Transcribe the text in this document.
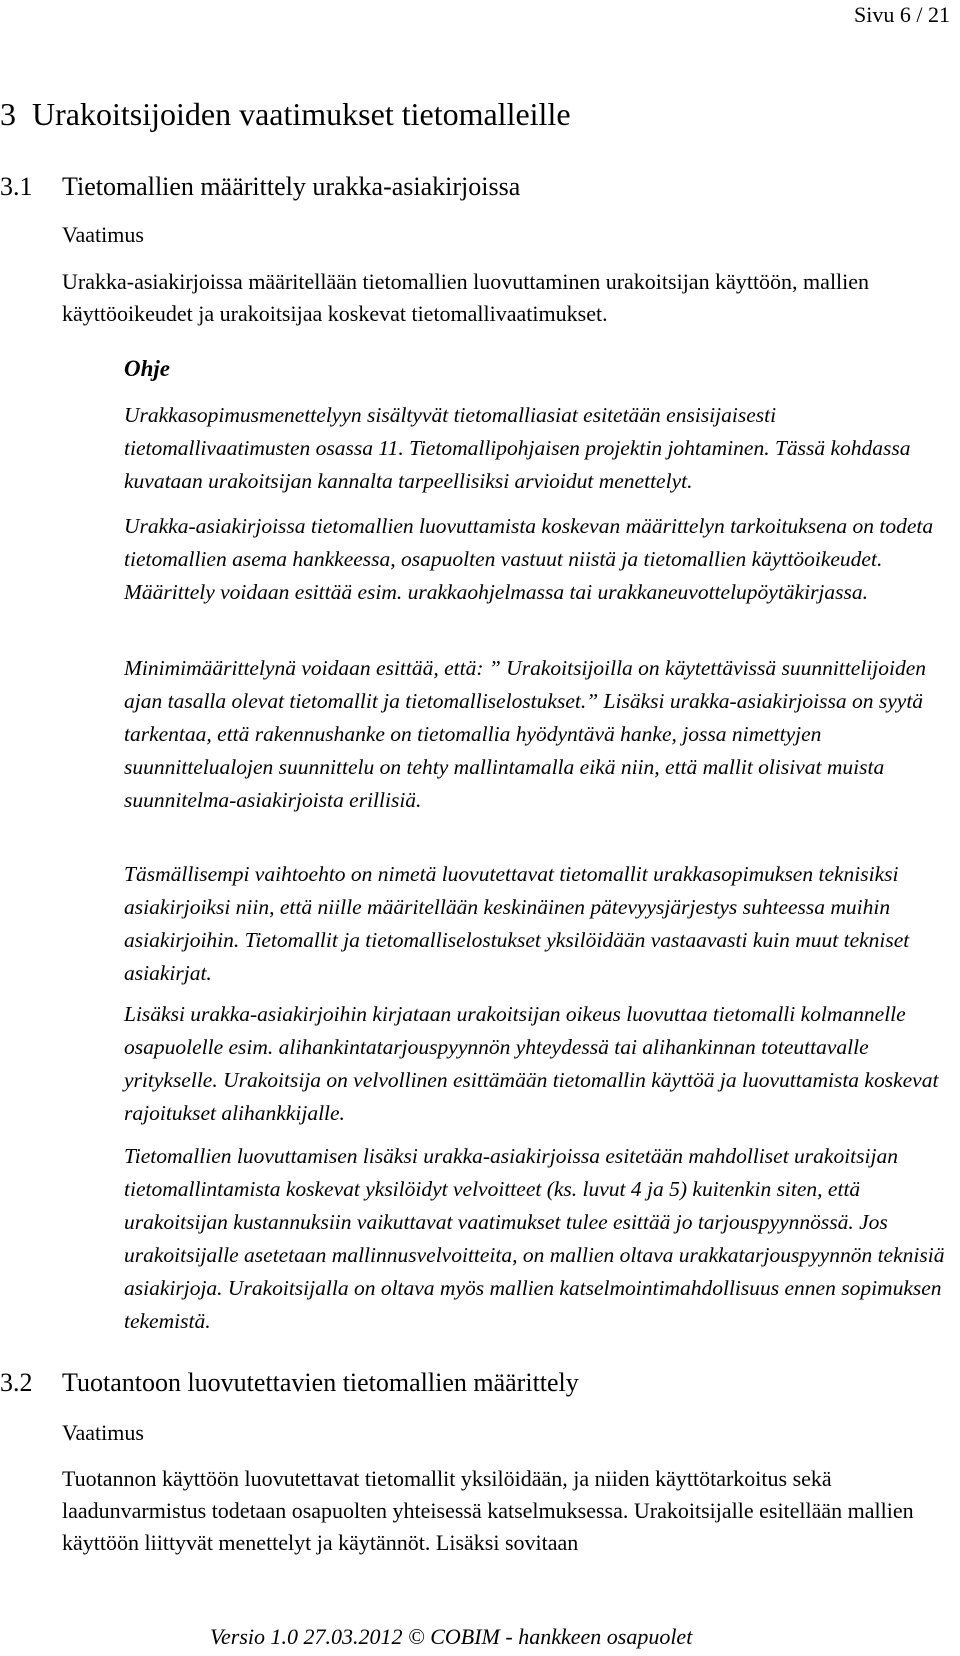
Sivu 6 / 21
3 Urakoitsijoiden vaatimukset tietomalleille
3.1 Tietomallien määrittely urakka-asiakirjoissa
Vaatimus

Urakka-asiakirjoissa määritellään tietomallien luovuttaminen urakoitsijan käyttöön, mallien käyttöoikeudet ja urakoitsijaa koskevat tietomallivaatimukset.

Ohje

Urakkasopimusmenettelyyn sisältyvät tietomalliasiat esitetään ensisijaisesti tietomallivaatimusten osassa 11. Tietomallipohjaisen projektin johtaminen. Tässä kohdassa kuvataan urakoitsijan kannalta tarpeellisiksi arvioidut menettelyt.

Urakka-asiakirjoissa tietomallien luovuttamista koskevan määrittelyn tarkoituksena on todeta tietomallien asema hankkeessa, osapuolten vastuut niistä ja tietomallien käyttöoikeudet. Määrittely voidaan esittää esim. urakkaohjelmassa tai urakkaneuvottelupöytäkirjassa.

Minimimäärittelynä voidaan esittää, että: ” Urakoitsijoilla on käytettävissä suunnittelijoiden ajan tasalla olevat tietomallit ja tietomalliselostukset.” Lisäksi urakka-asiakirjoissa on syytä tarkentaa, että rakennushanke on tietomallia hyödyntävä hanke, jossa nimettyjen suunnittelualojen suunnittelu on tehty mallintamalla eikä niin, että mallit olisivat muista suunnitelma-asiakirjoista erillisiä.

Täsmällisempi vaihtoehto on nimetä luovutettavat tietomallit urakkasopimuksen teknisiksi asiakirjoiksi niin, että niille määritellään keskinäinen pätevyysjärjestys suhteessa muihin asiakirjoihin. Tietomallit ja tietomalliselostukset yksilöidään vastaavasti kuin muut tekniset asiakirjat.

Lisäksi urakka-asiakirjoihin kirjataan urakoitsijan oikeus luovuttaa tietomalli kolmannelle osapuolelle esim. alihankintatarjouspyynnön yhteydessä tai alihankinnan toteuttavalle yritykselle. Urakoitsija on velvollinen esittämään tietomallin käyttöä ja luovuttamista koskevat rajoitukset alihankkijalle.

Tietomallien luovuttamisen lisäksi urakka-asiakirjoissa esitetään mahdolliset urakoitsijan tietomallintamista koskevat yksilöidyt velvoitteet (ks. luvut 4 ja 5) kuitenkin siten, että urakoitsijan kustannuksiin vaikuttavat vaatimukset tulee esittää jo tarjouspyynnössä. Jos urakoitsijalle asetetaan mallinnusvelvoitteita, on mallien oltava urakkatarjouspyynnön teknisiä asiakirjoja. Urakoitsijalla on oltava myös mallien katselmointimahdollisuus ennen sopimuksen tekemistä.

3.2 Tuotantoon luovutettavien tietomallien määrittely
Vaatimus

Tuotannon käyttöön luovutettavat tietomallit yksilöidään, ja niiden käyttötarkoitus sekä laadunvarmistus todetaan osapuolten yhteisessä katselmuksessa. Urakoitsijalle esitellään mallien käyttöön liittyvät menettelyt ja käytännöt. Lisäksi sovitaan

Versio 1.0 27.03.2012 © COBIM - hankkeen osapuolet
